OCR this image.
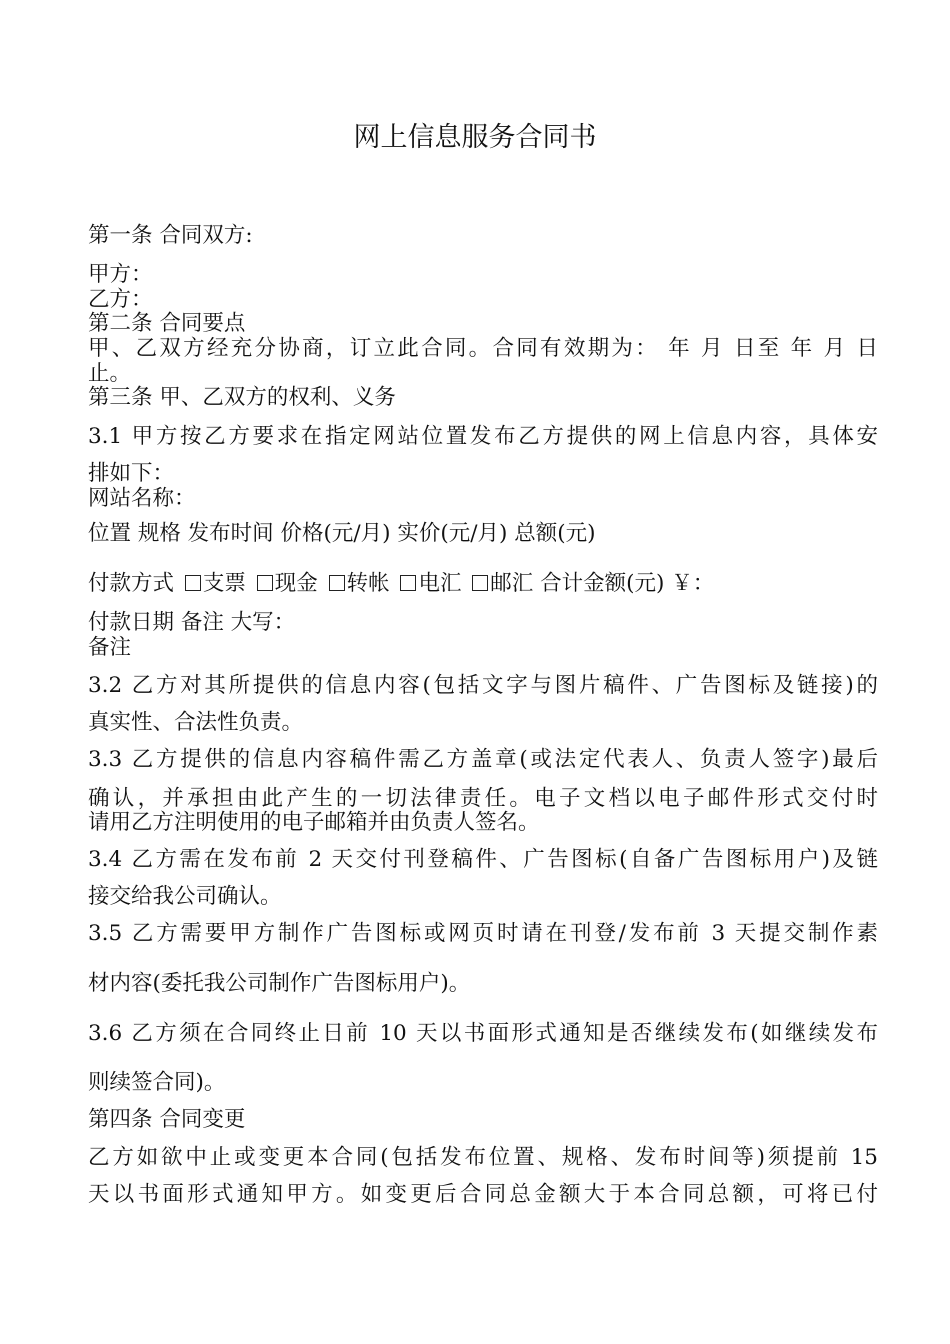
网上信息服务合同书
第一条 合同双方:
甲方：
乙方：
第二条 合同要点
甲、乙双方经充分协商，订立此合同。合同有效期为： 年 月 日至 年 月 日
止。
第三条 甲、乙双方的权利、义务
3.1 甲方按乙方要求在指定网站位置发布乙方提供的网上信息内容，具体安
排如下：
网站名称：
位置 规格 发布时间 价格(元/月) 实价(元/月) 总额(元)
付款方式 支票 现金 转帐 电汇 邮汇 合计金额(元) ￥：
付款日期 备注 大写：
备注
3.2 乙方对其所提供的信息内容(包括文字与图片稿件、广告图标及链接)的
真实性、合法性负责。
3.3 乙方提供的信息内容稿件需乙方盖章(或法定代表人、负责人签字)最后
确认，并承担由此产生的一切法律责任。电子文档以电子邮件形式交付时
请用乙方注明使用的电子邮箱并由负责人签名。
3.4 乙方需在发布前 2 天交付刊登稿件、广告图标(自备广告图标用户)及链
接交给我公司确认。
3.5 乙方需要甲方制作广告图标或网页时请在刊登/发布前 3 天提交制作素
材内容(委托我公司制作广告图标用户)。
3.6 乙方须在合同终止日前 10 天以书面形式通知是否继续发布(如继续发布
则续签合同)。
第四条 合同变更
乙方如欲中止或变更本合同(包括发布位置、规格、发布时间等)须提前 15
天以书面形式通知甲方。如变更后合同总金额大于本合同总额，可将已付
